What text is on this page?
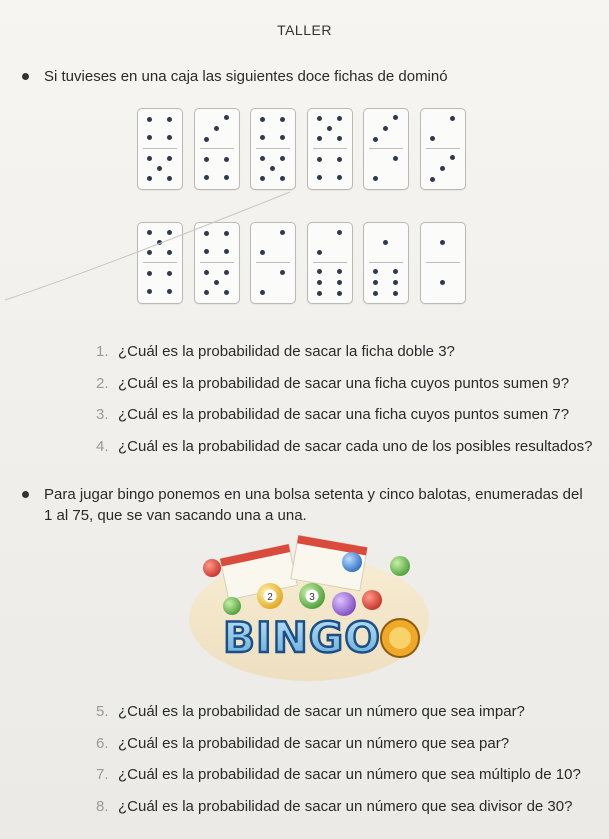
TALLER
Si tuvieses en una caja las siguientes doce fichas de dominó
1. ¿Cuál es la probabilidad de sacar la ficha doble 3?
2. ¿Cuál es la probabilidad de sacar una ficha cuyos puntos sumen 9?
3. ¿Cuál es la probabilidad de sacar una ficha cuyos puntos sumen 7?
4. ¿Cuál es la probabilidad de sacar cada uno de los posibles resultados?
Para jugar bingo ponemos en una bolsa setenta y cinco balotas, enumeradas del 1 al 75, que se van sacando una a una.
2	3
BINGO
5. ¿Cuál es la probabilidad de sacar un número que sea impar?
6. ¿Cuál es la probabilidad de sacar un número que sea par?
7. ¿Cuál es la probabilidad de sacar un número que sea múltiplo de 10?
8. ¿Cuál es la probabilidad de sacar un número que sea divisor de 30?
